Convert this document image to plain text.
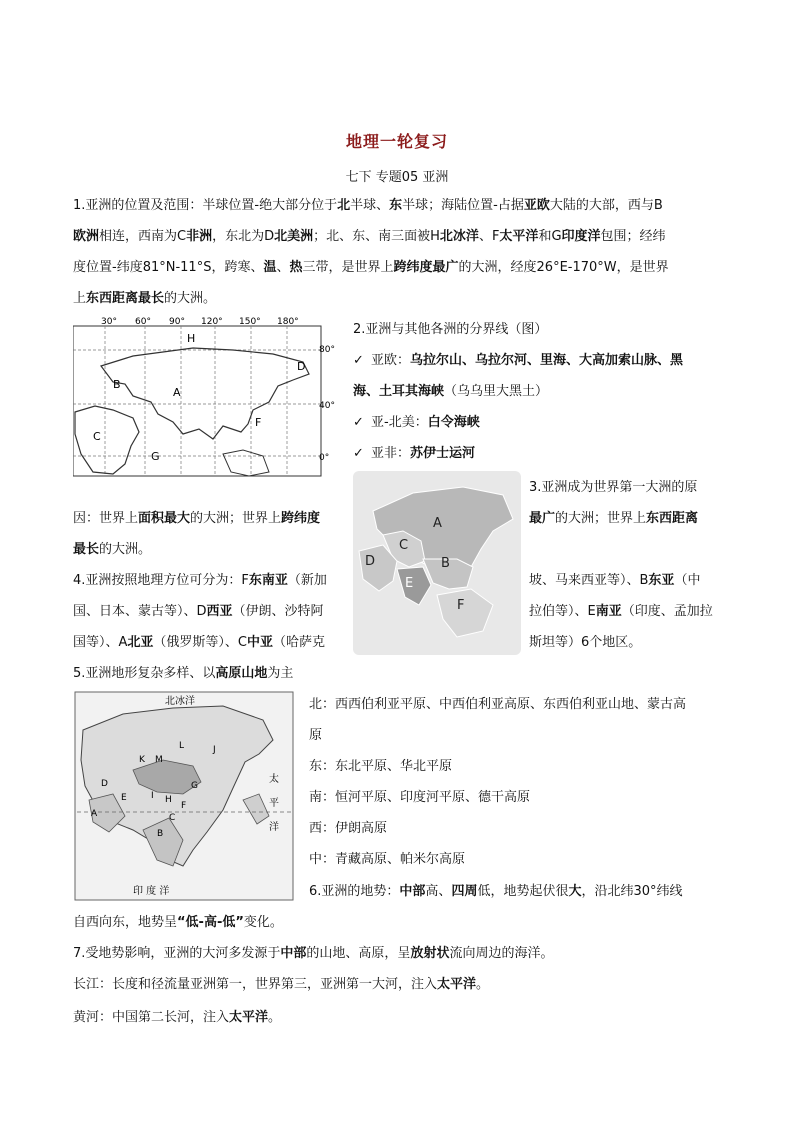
地理一轮复习
七下 专题05 亚洲
1.亚洲的位置及范围：半球位置-绝大部分位于北半球、东半球；海陆位置-占据亚欧大陆的大部，西与B
欧洲相连，西南为C非洲，东北为D北美洲；北、东、南三面被H北冰洋、F太平洋和G印度洋包围；经纬
度位置-纬度81°N-11°S，跨寒、温、热三带，是世界上跨纬度最广的大洲，经度26°E-170°W，是世界
上东西距离最长的大洲。
30° 60° 90° 120° 150° 180°
80°
40°
0°
H
B
A
D
C
F
G
2.亚洲与其他各洲的分界线（图）
✓ 亚欧：乌拉尔山、乌拉尔河、里海、大高加索山脉、黑
海、土耳其海峡（乌乌里大黑土）
✓ 亚-北美：白令海峡
✓ 亚非：苏伊士运河
A
C
D	B
E
F
3.亚洲成为世界第一大洲的原
因：世界上面积最大的大洲；世界上跨纬度	最广的大洲；世界上东西距离
最长的大洲。
4.亚洲按照地理方位可分为：F东南亚（新加	坡、马来西亚等）、B东亚（中
国、日本、蒙古等）、D西亚（伊朗、沙特阿	拉伯等）、E南亚（印度、孟加拉
国等）、A北亚（俄罗斯等）、C中亚（哈萨克	斯坦等）6个地区。
5.亚洲地形复杂多样、以高原山地为主
北冰洋
太
平
洋
印 度 洋
A
B
C
D
E
F
G
H
I
J
K
L
M
北：西西伯利亚平原、中西伯利亚高原、东西伯利亚山地、蒙古高
原
东：东北平原、华北平原
南：恒河平原、印度河平原、德干高原
西：伊朗高原
中：青藏高原、帕米尔高原
6.亚洲的地势：中部高、四周低，地势起伏很大，沿北纬30°纬线
自西向东，地势呈“低-高-低”变化。
7.受地势影响，亚洲的大河多发源于中部的山地、高原，呈放射状流向周边的海洋。
长江：长度和径流量亚洲第一，世界第三，亚洲第一大河，注入太平洋。
黄河：中国第二长河，注入太平洋。
